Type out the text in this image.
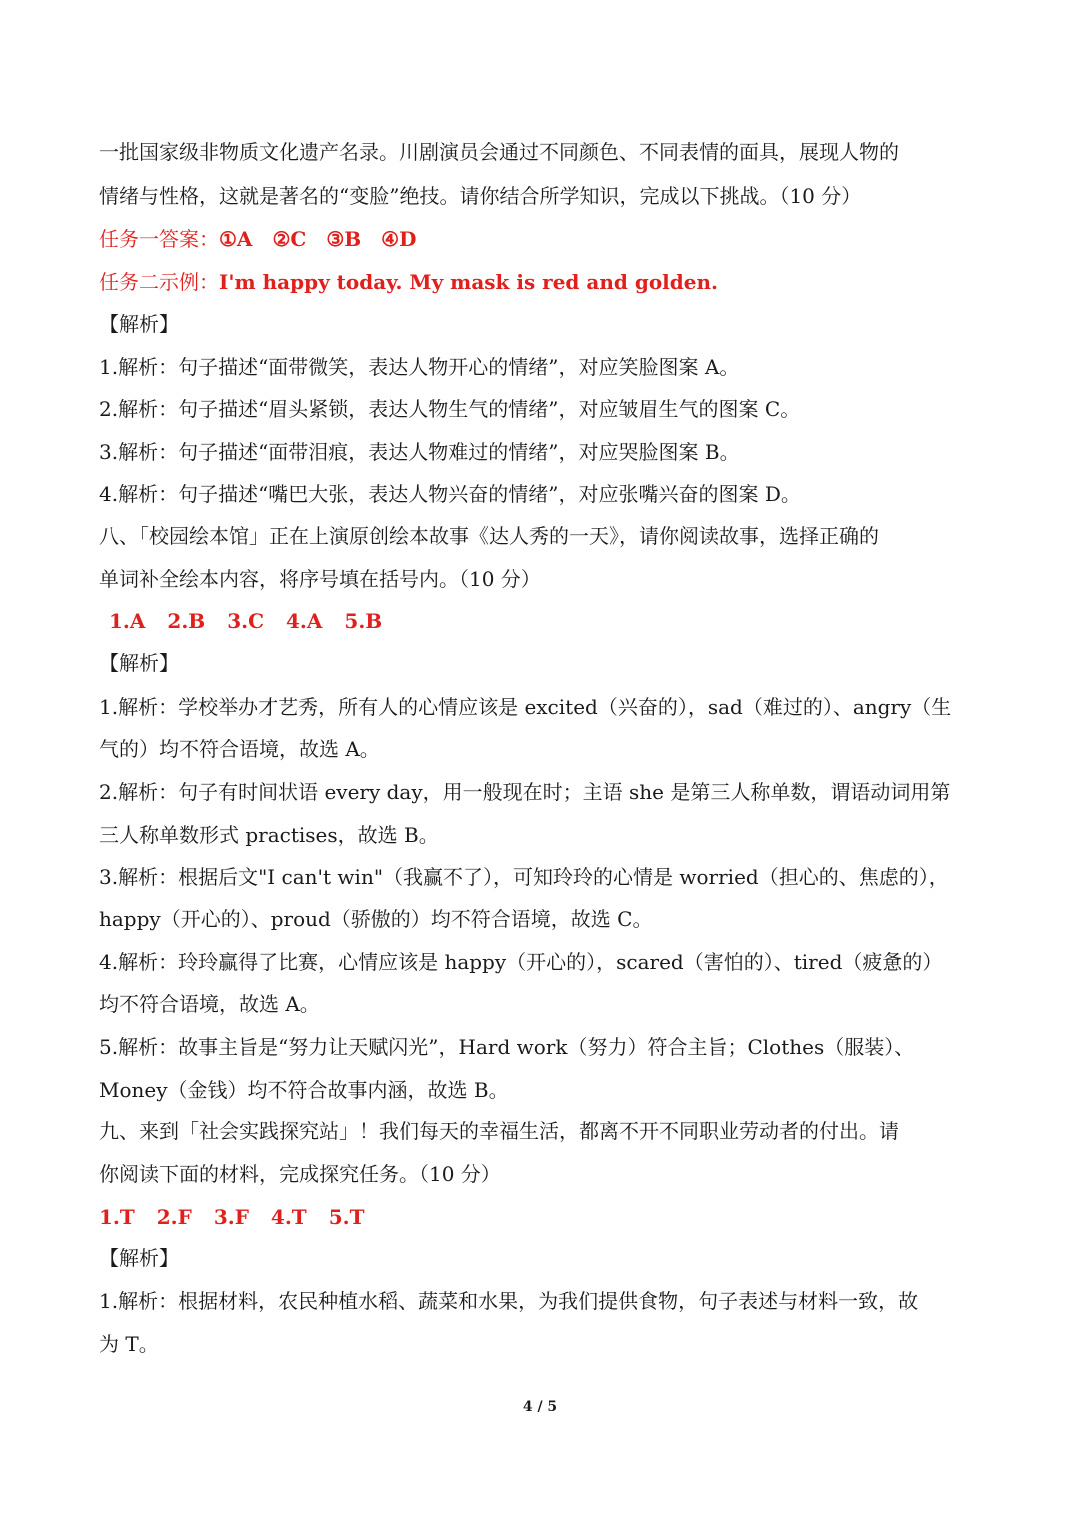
一批国家级非物质文化遗产名录。川剧演员会通过不同颜色、不同表情的面具，展现人物的
情绪与性格，这就是著名的“变脸”绝技。请你结合所学知识，完成以下挑战。（10 分）
任务一答案：①A ②C ③B ④D
任务二示例：I'm happy today. My mask is red and golden.
【解析】
1.解析：句子描述“面带微笑，表达人物开心的情绪”，对应笑脸图案 A。
2.解析：句子描述“眉头紧锁，表达人物生气的情绪”，对应皱眉生气的图案 C。
3.解析：句子描述“面带泪痕，表达人物难过的情绪”，对应哭脸图案 B。
4.解析：句子描述“嘴巴大张，表达人物兴奋的情绪”，对应张嘴兴奋的图案 D。
八、「校园绘本馆」正在上演原创绘本故事《达人秀的一天》，请你阅读故事，选择正确的
单词补全绘本内容，将序号填在括号内。（10 分）
1.A 2.B 3.C 4.A 5.B
【解析】
1.解析：学校举办才艺秀，所有人的心情应该是 excited（兴奋的），sad（难过的）、angry（生
气的）均不符合语境，故选 A。
2.解析：句子有时间状语 every day，用一般现在时；主语 she 是第三人称单数，谓语动词用第
三人称单数形式 practises，故选 B。
3.解析：根据后文"I can't win"（我赢不了），可知玲玲的心情是 worried（担心的、焦虑的），
happy（开心的）、proud（骄傲的）均不符合语境，故选 C。
4.解析：玲玲赢得了比赛，心情应该是 happy（开心的），scared（害怕的）、tired（疲惫的）
均不符合语境，故选 A。
5.解析：故事主旨是“努力让天赋闪光”，Hard work（努力）符合主旨；Clothes（服装）、
Money（金钱）均不符合故事内涵，故选 B。
九、来到「社会实践探究站」！我们每天的幸福生活，都离不开不同职业劳动者的付出。请
你阅读下面的材料，完成探究任务。（10 分）
1.T 2.F 3.F 4.T 5.T
【解析】
1.解析：根据材料，农民种植水稻、蔬菜和水果，为我们提供食物，句子表述与材料一致，故
为 T。
4 / 5
